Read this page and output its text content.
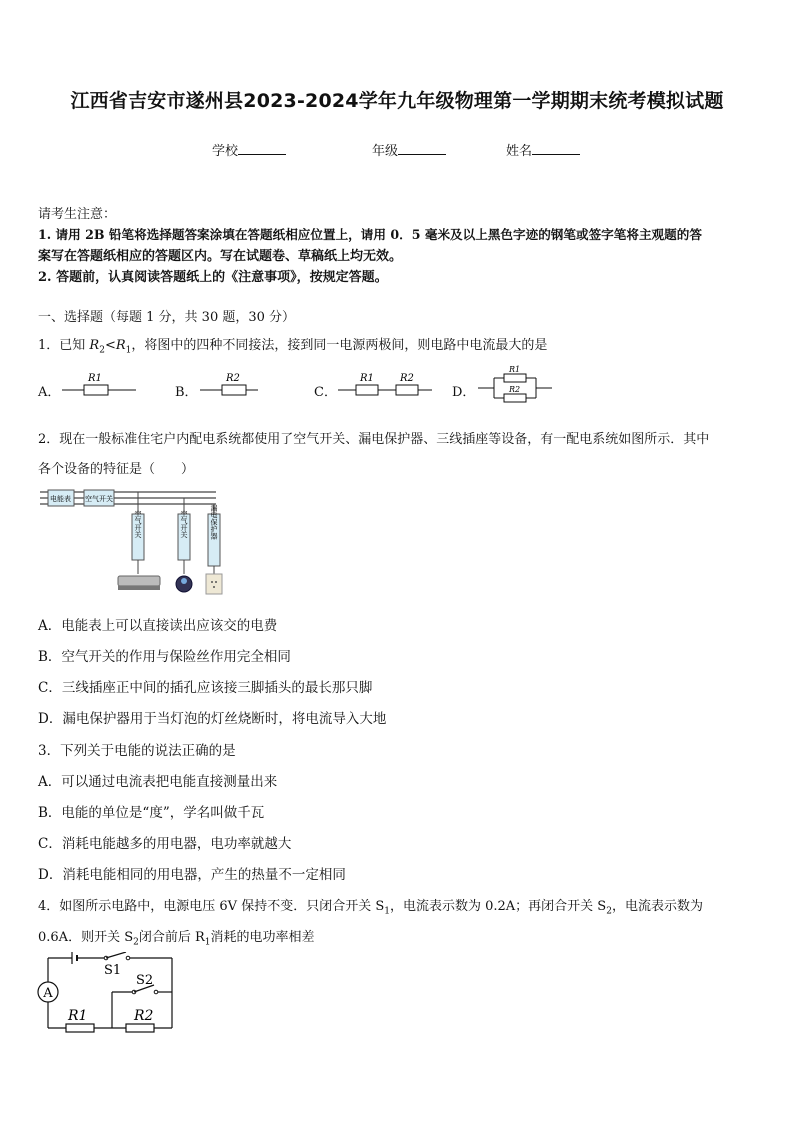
江西省吉安市遂州县2023-2024学年九年级物理第一学期期末统考模拟试题
学校	年级	姓名
请考生注意：
1. 请用 2B 铅笔将选择题答案涂填在答题纸相应位置上，请用 0．5 毫米及以上黑色字迹的钢笔或签字笔将主观题的答
案写在答题纸相应的答题区内。写在试题卷、草稿纸上均无效。
2. 答题前，认真阅读答题纸上的《注意事项》，按规定答题。
一、选择题（每题 1 分，共 30 题，30 分）
1．已知 $R_2<R_1$，将图中的四种不同接法，接到同一电源两极间，则电路中电流最大的是
A．	B．	C．	D．
R1	R2	R1	R2
R1
R2
2．现在一般标准住宅户内配电系统都使用了空气开关、漏电保护器、三线插座等设备，有一配电系统如图所示．其中
各个设备的特征是（　　）
电能表 空气开关
空气开关	空气开关	漏电保护器
A．电能表上可以直接读出应该交的电费
B．空气开关的作用与保险丝作用完全相同
C．三线插座正中间的插孔应该接三脚插头的最长那只脚
D．漏电保护器用于当灯泡的灯丝烧断时，将电流导入大地
3．下列关于电能的说法正确的是
A．可以通过电流表把电能直接测量出来
B．电能的单位是“度”，学名叫做千瓦
C．消耗电能越多的用电器，电功率就越大
D．消耗电能相同的用电器，产生的热量不一定相同
4．如图所示电路中，电源电压 6V 保持不变．只闭合开关 $S_1$，电流表示数为 0.2A；再闭合开关 $S_2$，电流表示数为
0.6A．则开关 $S_2$闭合前后 $R_1$消耗的电功率相差
S1
A
R1	R2
S2
